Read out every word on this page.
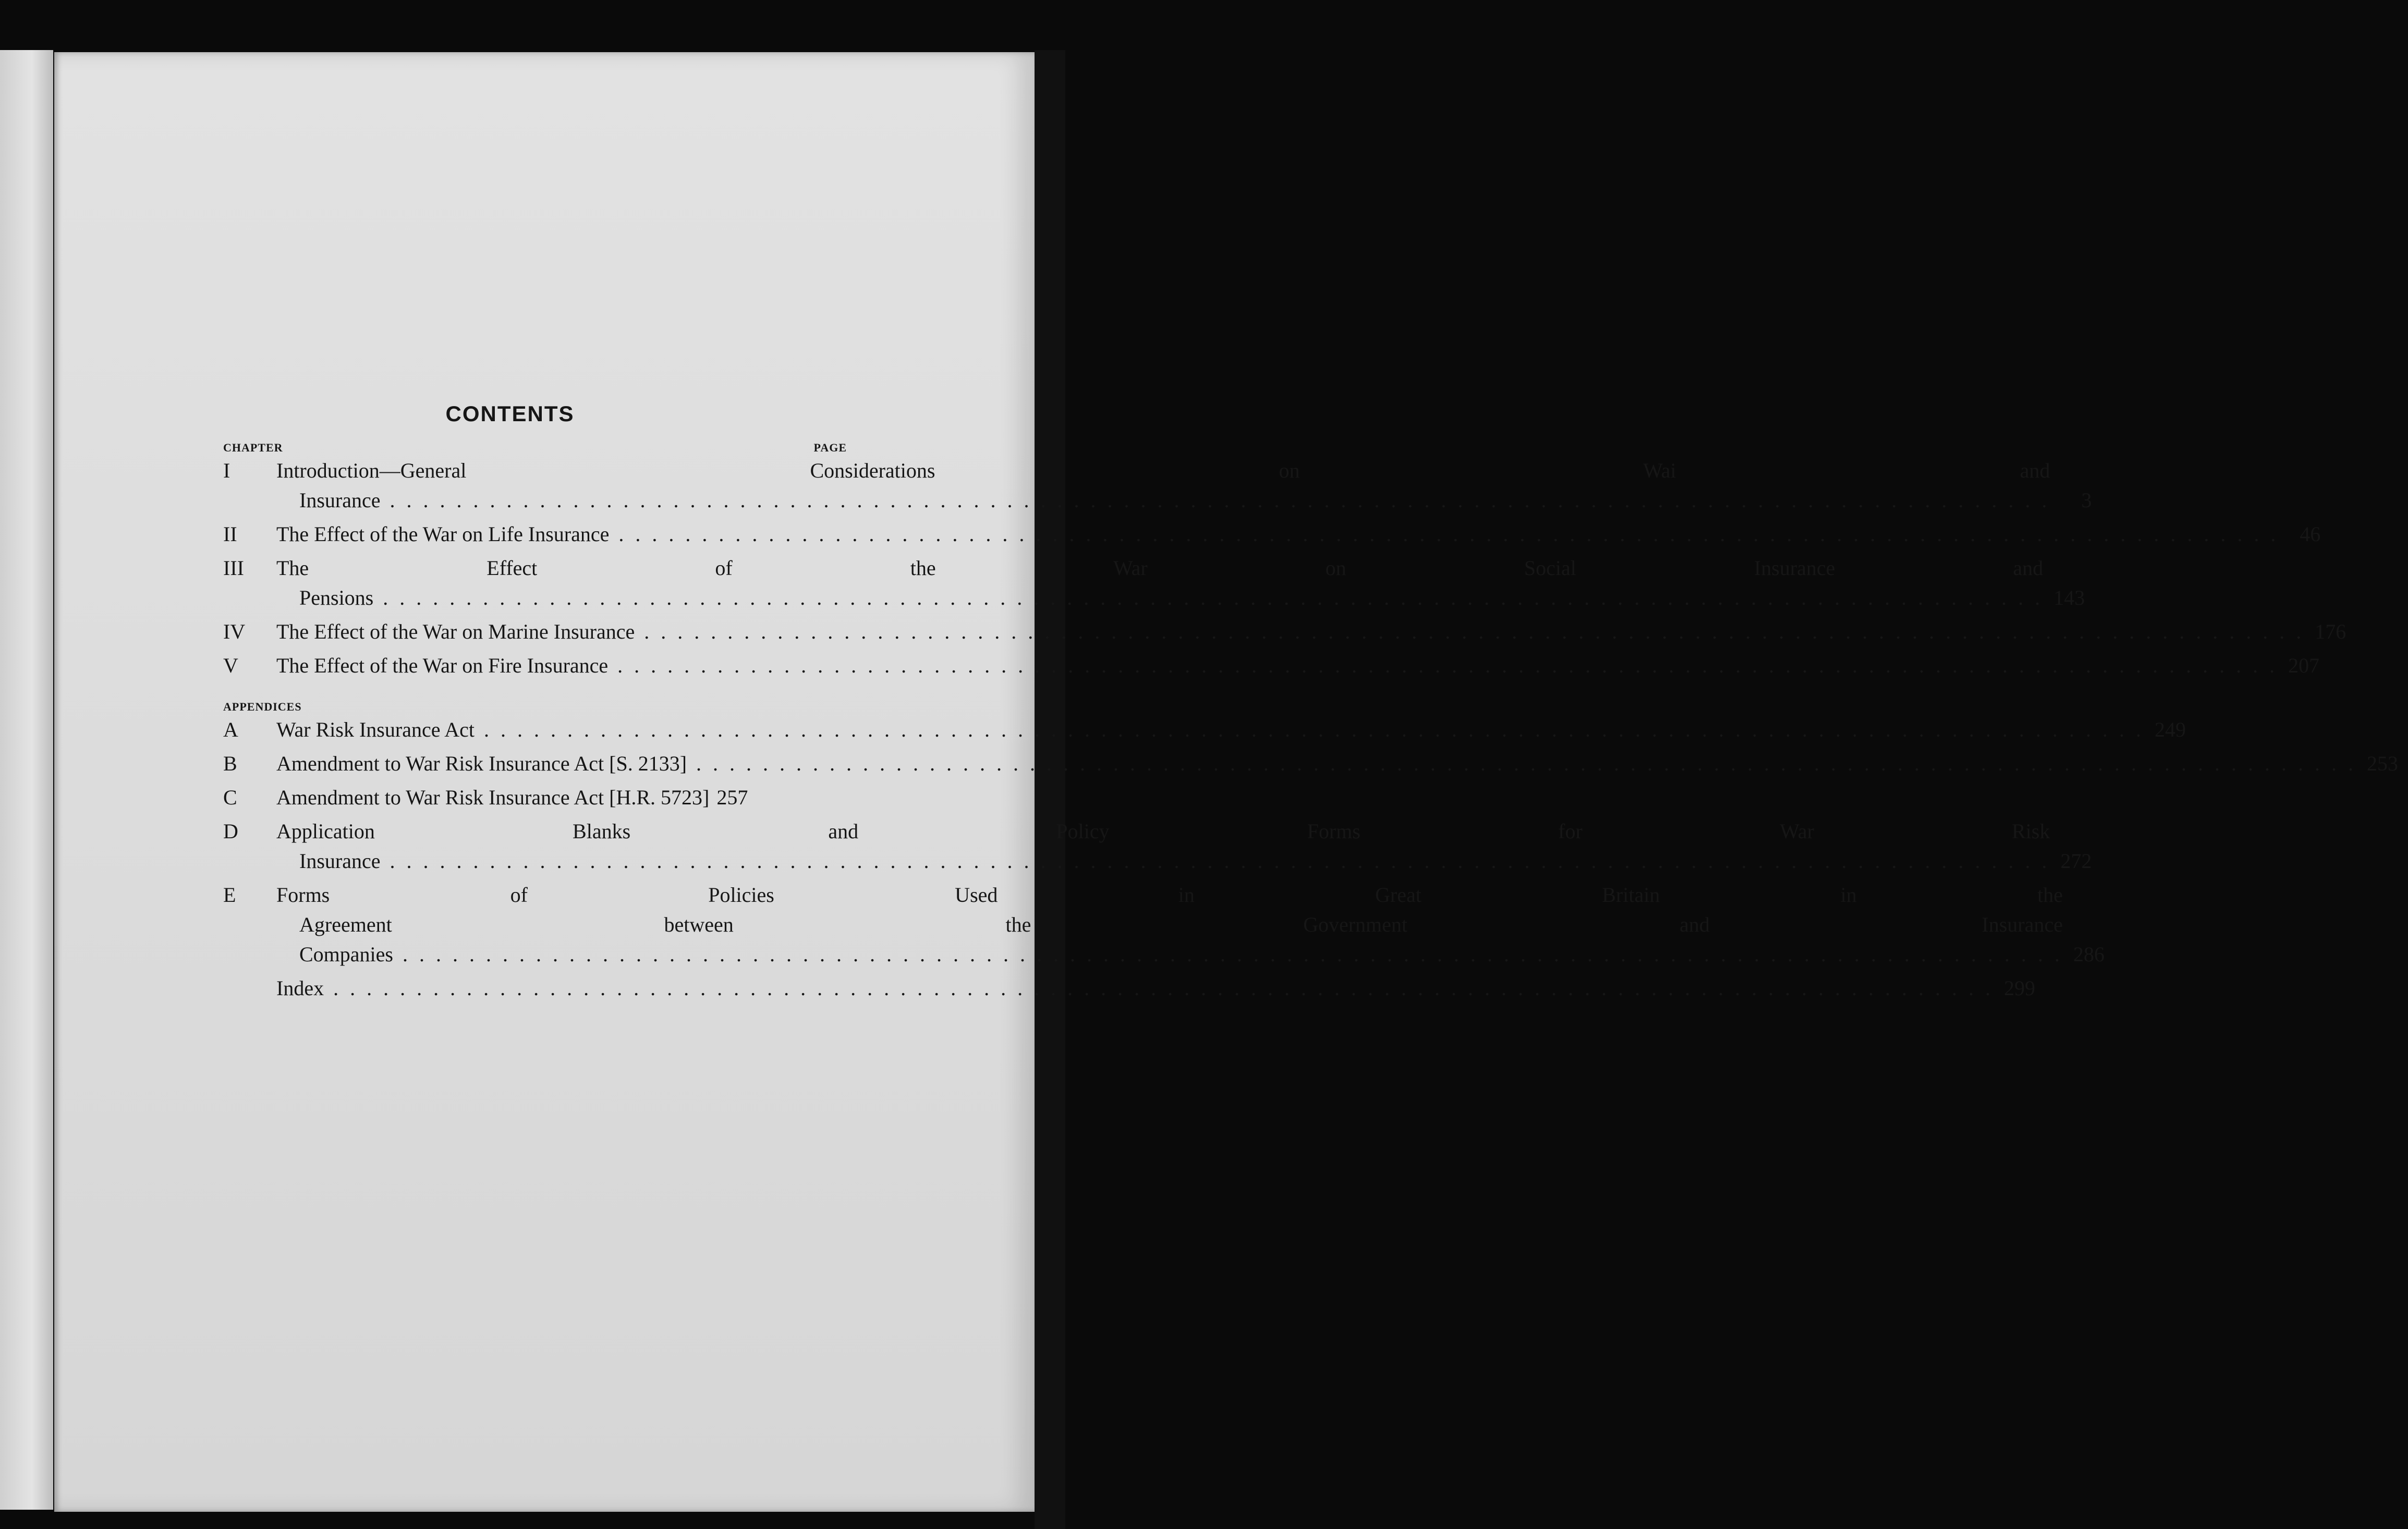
CONTENTS
CHAPTER	PAGE
I	Introduction—General Considerations on Wai and
Insurance . . .	3
II	The Effect of the War on Life Insurance . . .	46
III	The Effect of the War on Social Insurance and
Pensions . . .	143
IV	The Effect of the War on Marine Insurance . . .	176
V	The Effect of the War on Fire Insurance . . .	207
APPENDICES
A	War Risk Insurance Act . . .	249
B	Amendment to War Risk Insurance Act [S. 2133] . . .	253
C	Amendment to War Risk Insurance Act [H.R. 5723] 257
D	Application Blanks and Policy Forms for War Risk
Insurance . . .	272
E	Forms of Policies Used in Great Britain in the
Agreement between the Government and Insurance
Companies . . .	286
Index . . .	299
